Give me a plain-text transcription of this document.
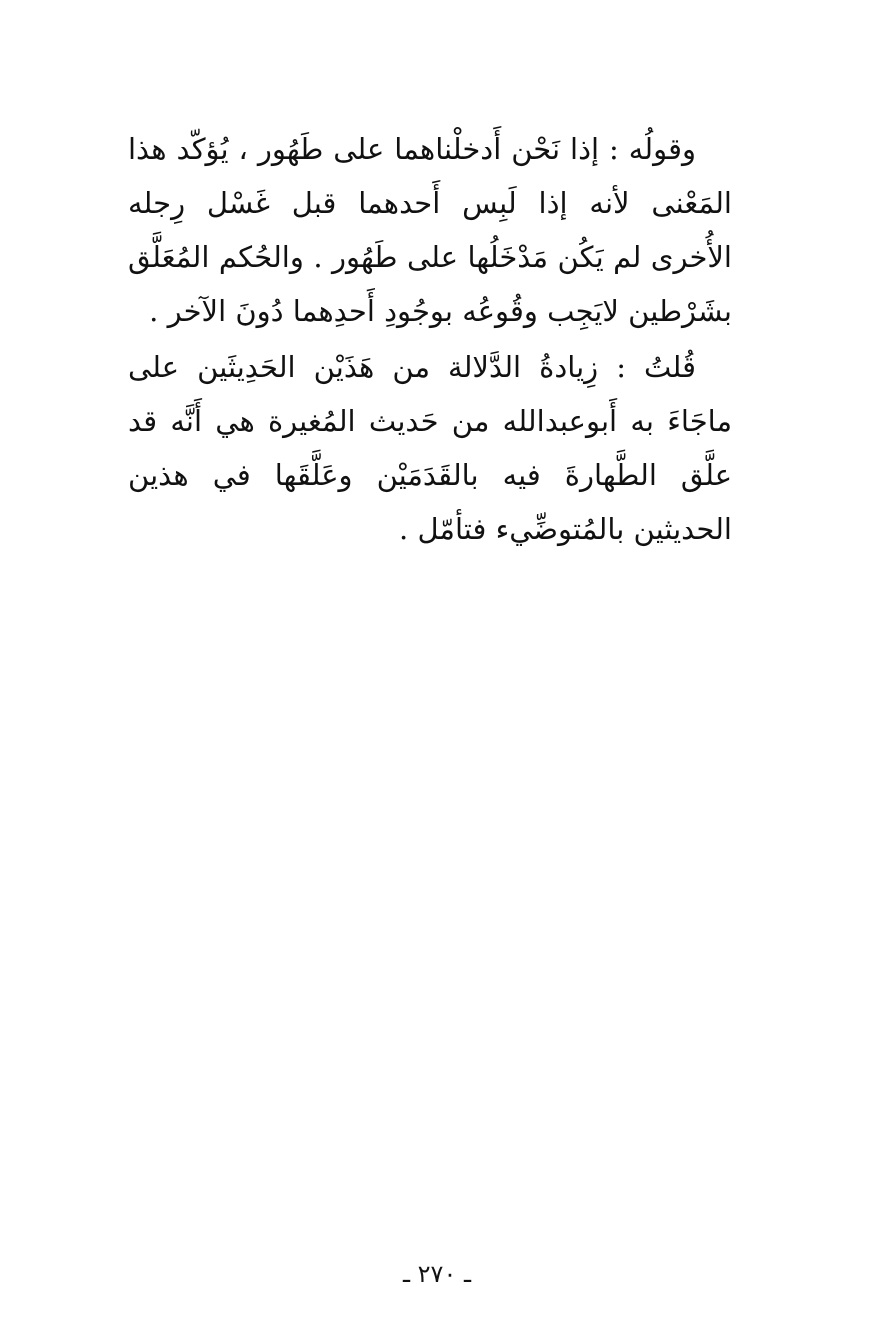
وقولُه : إذا نَحْن أَدخلْناهما على طَهُور ، يُؤكّد هذا المَعْنى لأنه إذا لَبِس أَحدهما قبل غَسْل رِجله الأُخرى لم يَكُن مَدْخَلُها على طَهُور . والحُكم المُعَلَّق بشَرْطين لايَجِب وقُوعُه بوجُودِ أَحدِهما دُونَ الآخر .

قُلتُ : زِيادةُ الدَّلالة من هَذَيْن الحَدِيثَين على ماجَاءَ به أَبوعبدالله من حَديث المُغيرة هي أَنَّه قد علَّق الطَّهارةَ فيه بالقَدَمَيْن وعَلَّقَها في هذين الحديثين بالمُتوضِّيء فتأمّل .

ـ ٢٧٠ ـ
